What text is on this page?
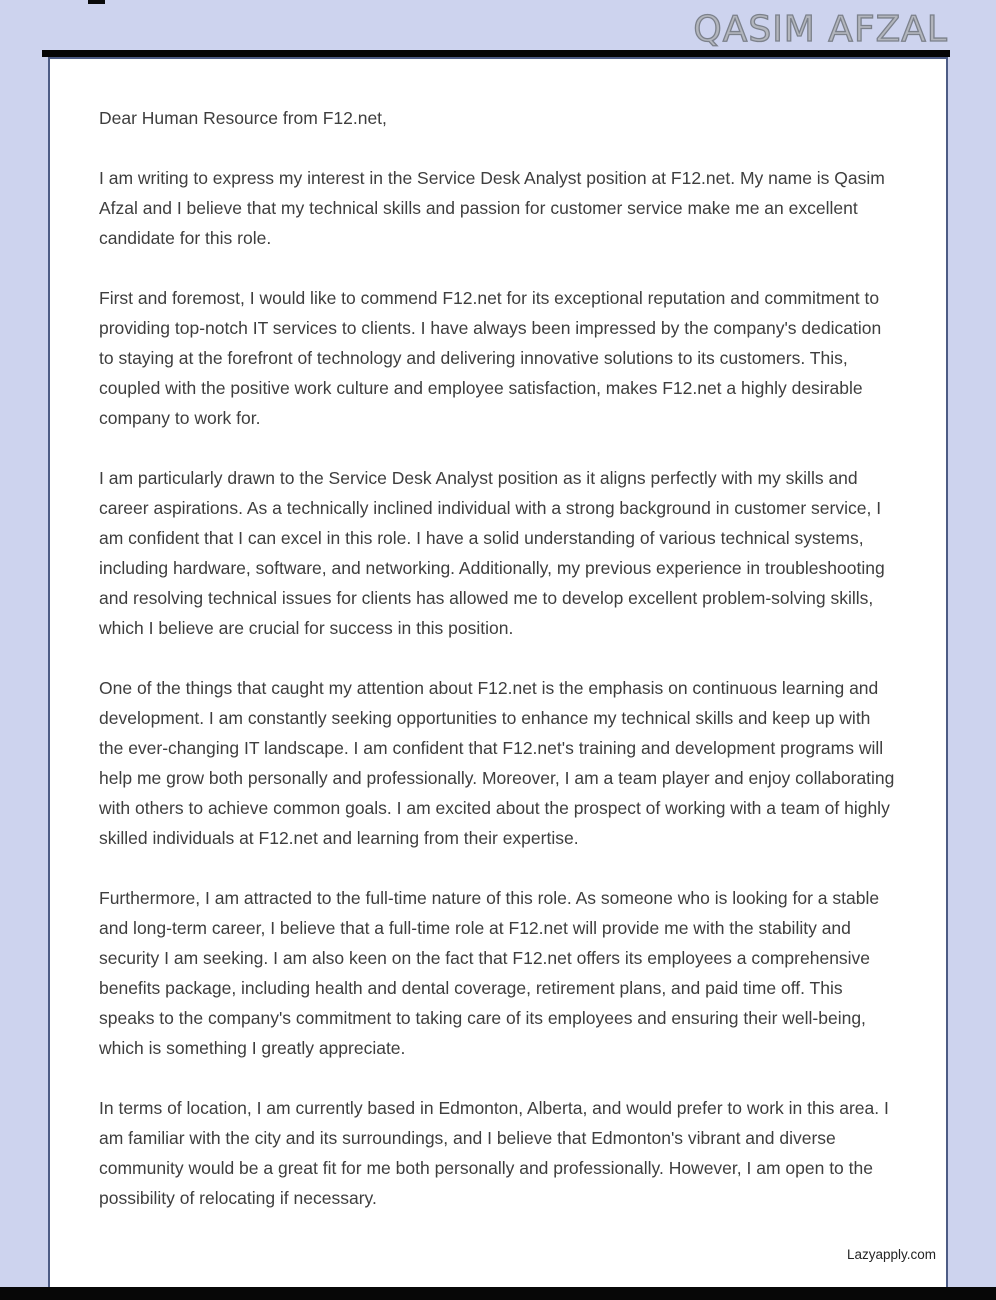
QASIM AFZAL

Dear Human Resource from F12.net,

I am writing to express my interest in the Service Desk Analyst position at F12.net. My name is Qasim Afzal and I believe that my technical skills and passion for customer service make me an excellent candidate for this role.

First and foremost, I would like to commend F12.net for its exceptional reputation and commitment to providing top-notch IT services to clients. I have always been impressed by the company's dedication to staying at the forefront of technology and delivering innovative solutions to its customers. This, coupled with the positive work culture and employee satisfaction, makes F12.net a highly desirable company to work for.

I am particularly drawn to the Service Desk Analyst position as it aligns perfectly with my skills and career aspirations. As a technically inclined individual with a strong background in customer service, I am confident that I can excel in this role. I have a solid understanding of various technical systems, including hardware, software, and networking. Additionally, my previous experience in troubleshooting and resolving technical issues for clients has allowed me to develop excellent problem-solving skills, which I believe are crucial for success in this position.

One of the things that caught my attention about F12.net is the emphasis on continuous learning and development. I am constantly seeking opportunities to enhance my technical skills and keep up with the ever-changing IT landscape. I am confident that F12.net's training and development programs will help me grow both personally and professionally. Moreover, I am a team player and enjoy collaborating with others to achieve common goals. I am excited about the prospect of working with a team of highly skilled individuals at F12.net and learning from their expertise.

Furthermore, I am attracted to the full-time nature of this role. As someone who is looking for a stable and long-term career, I believe that a full-time role at F12.net will provide me with the stability and security I am seeking. I am also keen on the fact that F12.net offers its employees a comprehensive benefits package, including health and dental coverage, retirement plans, and paid time off. This speaks to the company's commitment to taking care of its employees and ensuring their well-being, which is something I greatly appreciate.

In terms of location, I am currently based in Edmonton, Alberta, and would prefer to work in this area. I am familiar with the city and its surroundings, and I believe that Edmonton's vibrant and diverse community would be a great fit for me both personally and professionally. However, I am open to the possibility of relocating if necessary.

Lazyapply.com
